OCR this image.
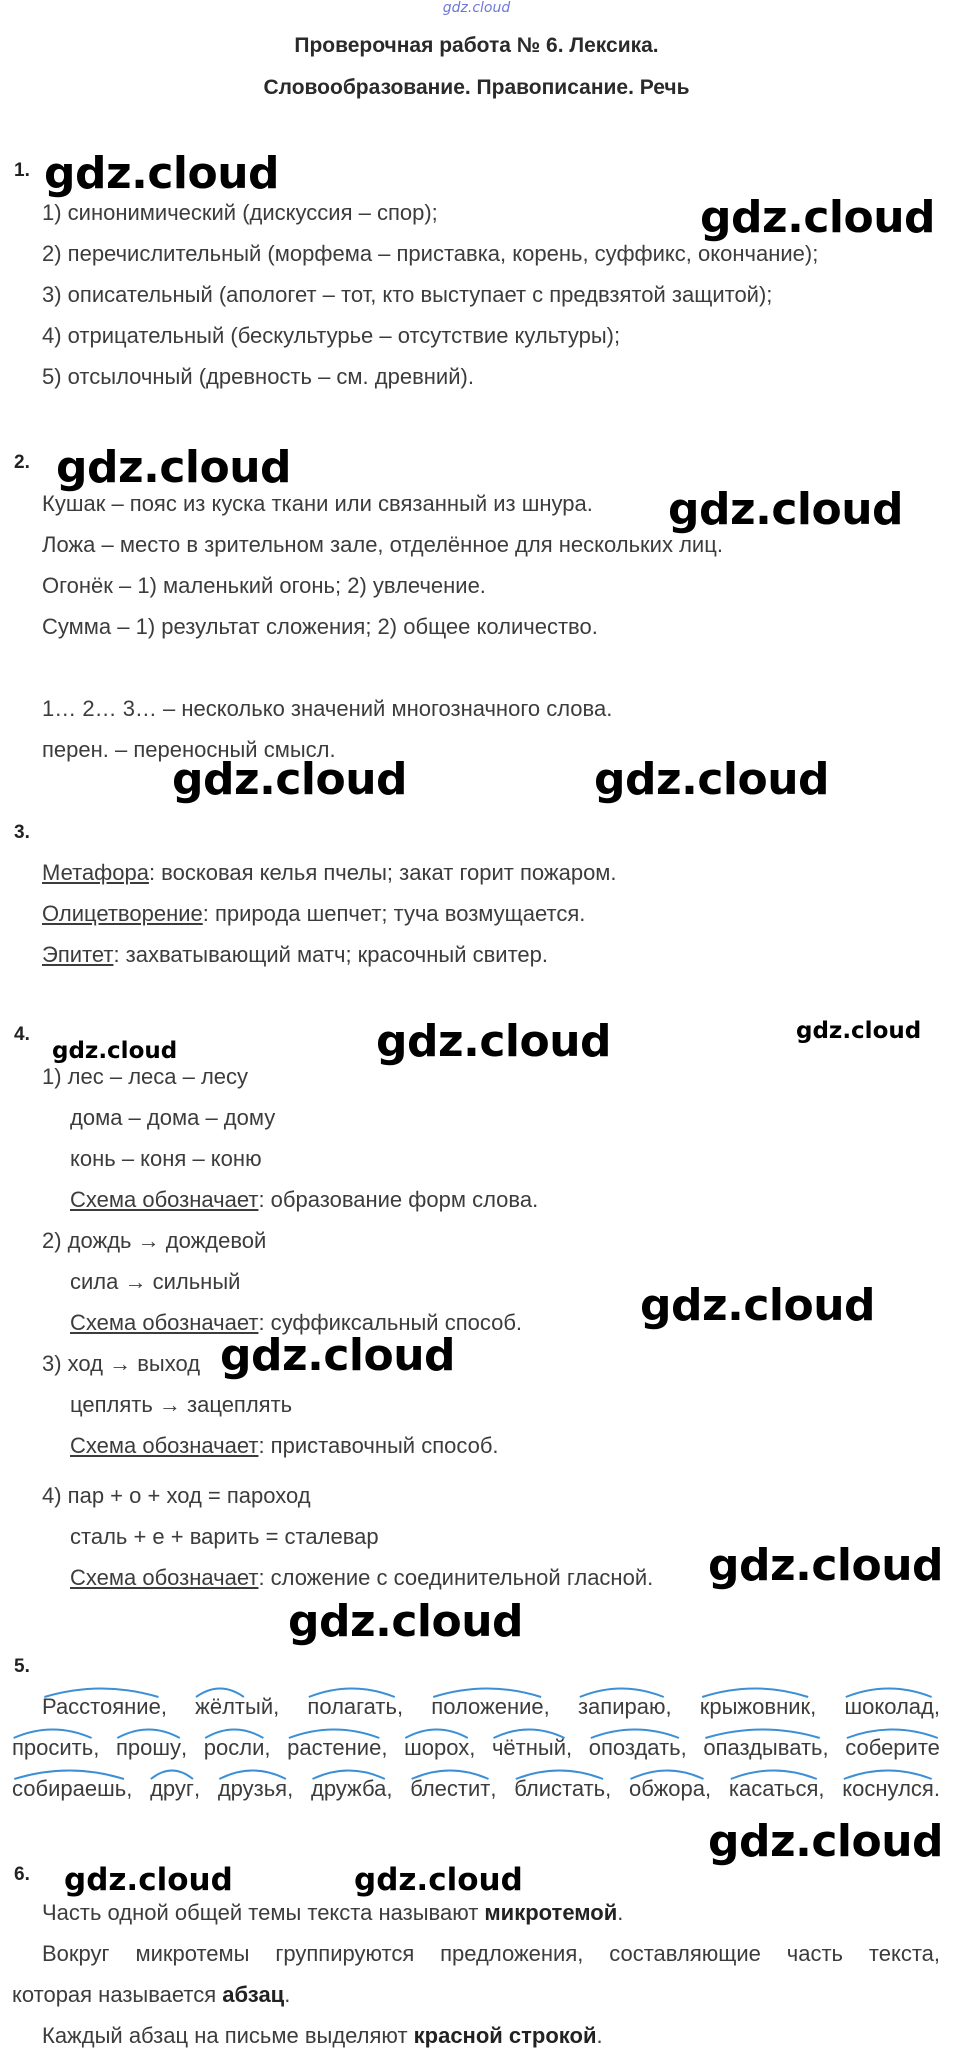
gdz.cloud
Проверочная работа № 6. Лексика.
Словообразование. Правописание. Речь
1. gdz.cloud
gdz.cloud
1) синонимический (дискуссия – спор);
2) перечислительный (морфема – приставка, корень, суффикс, окончание);
3) описательный (апологет – тот, кто выступает с предвзятой защитой);
4) отрицательный (бескультурье – отсутствие культуры);
5) отсылочный (древность – см. древний).
2. gdz.cloud
gdz.cloud
Кушак – пояс из куска ткани или связанный из шнура.
Ложа – место в зрительном зале, отделённое для нескольких лиц.
Огонёк – 1) маленький огонь; 2) увлечение.
Сумма – 1) результат сложения; 2) общее количество.
1… 2… 3… – несколько значений многозначного слова.
перен. – переносный смысл.
gdz.cloud	gdz.cloud
3.
Метафора: восковая келья пчелы; закат горит пожаром.
Олицетворение: природа шепчет; туча возмущается.
Эпитет: захватывающий матч; красочный свитер.
4.
gdz.cloud	gdz.cloud	gdz.cloud
1) лес – леса – лесу
дома – дома – дому
конь – коня – коню
Схема обозначает: образование форм слова.
2) дождь → дождевой
сила → сильный
Схема обозначает: суффиксальный способ.	gdz.cloud
3) ход → выход gdz.cloud
цеплять → зацеплять
Схема обозначает: приставочный способ.
4) пар + о + ход = пароход
сталь + е + варить = сталевар
Схема обозначает: сложение с соединительной гласной. gdz.cloud
gdz.cloud
5.
Расстояние
, жёлт
ый, полагать
, положение
, запираю
, крыжовник
, шоколад
,
просить
, прошу
, росли
, растение
, шорох
, чётный
, опоздать
, опаздывать
, соберите
собираешь
, друг
, друзья
, дружба
, блестит
, блистать
, обжора
, касаться
, коснулся
.
gdz.cloud
6. gdz.cloud	gdz.cloud
Часть одной общей темы текста называют микротемой.
Вокруг микротемы группируются предложения, составляющие часть текста,
которая называется абзац.
Каждый абзац на письме выделяют красной строкой.
